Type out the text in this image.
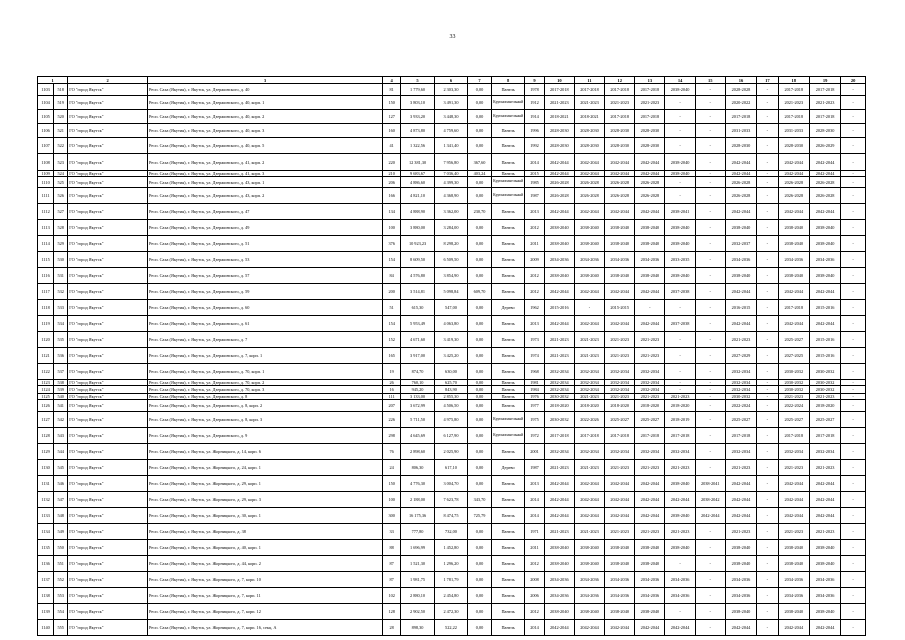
33
1		2	3	4	5	6	7	8	9	10	11	12	13	14	15	16	17	18	19	20
1103	518	ГО "город Якутск"	Респ. Саха (Якутия), г. Якутск, ул. Дзержинского, д. 40	81	1 779,60	2 303,30	0,00	Панель	1978	2017-2018	2017-2018	2017-2018	2017-2018	2038-2040	-	2028-2028	-	2017-2018	2017-2018	-
1104	519	ГО "город Якутск"	Респ. Саха (Якутия), г. Якутск, ул. Дзержинского, д. 40, корп. 1	150	3 803,10	3 491,30	0,00	Крупнопанельный	1912	2021-2023	2021-2023	2021-2023	2021-2023	-	-	2020-2022	-	2021-2023	2021-2023	-
1105	520	ГО "город Якутск"	Респ. Саха (Якутия), г. Якутск, ул. Дзержинского, д. 40, корп. 2	127	3 933,20	3 448,30	0,00	Крупнопанельный	1914	2018-2021	2018-2021	2017-2018	2017-2018	-	-	2017-2018	-	2017-2018	2017-2018	-
1106	521	ГО "город Якутск"	Респ. Саха (Якутия), г. Якутск, ул. Дзержинского, д. 40, корп. 3	160	4 873,80	4 759,60	0,00	Панель	1996	2028-2030	2028-2030	2028-2030	2028-2030	-	-	2031-2033	-	2031-2033	2028-2030	-
1107	522	ГО "город Якутск"	Респ. Саха (Якутия), г. Якутск, ул. Дзержинского, д. 40, корп. 5	41	1 322,56	1 341,40	0,00	Панель	1992	2028-2030	2028-2030	2028-2030	2028-2030	-	-	2028-2030	-	2028-2030	2026-2029	-
1108	523	ГО "город Якутск"	Респ. Саха (Якутия), г. Якутск, ул. Дзержинского, д. 41, корп. 2	220	12 381,30	7 956,80	367,60	Панель	2014	2042-2044	2042-2044	2042-2044	2042-2044	2038-2040	-	2042-2044	-	2042-2044	2042-2044	-
1109	524	ГО "город Якутск"	Респ. Саха (Якутия), г. Якутск, ул. Дзержинского, д. 41, корп. 3	210	9 683,67	7 036,40	403,24	Панель	2015	2042-2044	2042-2044	2042-2044	2042-2044	2038-2040	-	2042-2044	-	2042-2044	2042-2044	-
1110	525	ГО "город Якутск"	Респ. Саха (Якутия), г. Якутск, ул. Дзержинского, д. 43, корп. 1	206	4 886,60	4 399,30	0,00	Крупнопанельный	1985	2026-2028	2026-2028	2026-2028	2026-2028	-	-	2026-2028	-	2026-2028	2026-2028	-
1111	526	ГО "город Якутск"	Респ. Саха (Якутия), г. Якутск, ул. Дзержинского, д. 43, корп. 2	166	4 821,10	4 368,90	0,00	Крупнопанельный	1987	2026-2028	2026-2028	2026-2028	2026-2028	-	-	2026-2028	-	2026-2028	2026-2028	-
1112	527	ГО "город Якутск"	Респ. Саха (Якутия), г. Якутск, ул. Дзержинского, д. 47	134	4 888,90	3 362,00	230,70	Панель	2013	2042-2044	2042-2044	2042-2044	2042-2044	2038-2041	-	2042-2044	-	2042-2044	2042-2044	-
1113	528	ГО "город Якутск"	Респ. Саха (Якутия), г. Якутск, ул. Дзержинского, д. 49	100	3 880,00	3 284,00	0,00	Панель	2012	2038-2040	2038-2040	2038-2040	2038-2040	2038-2040	-	2038-2040	-	2038-2040	2038-2040	-
1114	529	ГО "город Якутск"	Респ. Саха (Якутия), г. Якутск, ул. Дзержинского, д. 51	376	10 923,23	8 298,20	0,00	Панель	2011	2038-2040	2038-2040	2038-2040	2038-2040	2038-2040	-	2032-2037	-	2038-2040	2038-2040	-
1115	530	ГО "город Якутск"	Респ. Саха (Якутия), г. Якутск, ул. Дзержинского, д. 53	154	8 609,50	6 509,50	0,00	Панель	2009	2034-2036	2034-2036	2034-2036	2034-2036	2033-2035	-	2034-2036	-	2034-2036	2034-2036	-
1116	531	ГО "город Якутск"	Респ. Саха (Якутия), г. Якутск, ул. Дзержинского, д. 57	84	4 576,80	3 854,90	0,00	Панель	2012	2038-2040	2038-2040	2038-2040	2038-2040	2038-2040	-	2038-2040	-	2038-2040	2038-2040	-
1117	532	ГО "город Якутск"	Респ. Саха (Якутия), г. Якутск, ул. Дзержинского, д. 59	200	3 514,81	5 098,84	609,70	Панель	2012	2042-2044	2042-2044	2042-2044	2042-2044	2037-2038	-	2042-2044	-	2042-2044	2042-2044	-
1118	533	ГО "город Якутск"	Респ. Саха (Якутия), г. Якутск, ул. Дзержинского, д. 60	51	615,30	547,00	0,00	Дерево	1962	2015-2016	-	2015-2015	-	-	-	2016-2015	-	2017-2018	2015-2016	-
1119	534	ГО "город Якутск"	Респ. Саха (Якутия), г. Якутск, ул. Дзержинского, д. 61	154	5 953,49	4 063,80	0,00	Панель	2013	2042-2044	2042-2044	2042-2044	2042-2044	2037-2038	-	2042-2044	-	2042-2044	2042-2044	-
1120	535	ГО "город Якутск"	Респ. Саха (Якутия), г. Якутск, ул. Дзержинского, д. 7	152	4 671,60	3 419,30	0,00	Панель	1973	2021-2023	2021-2023	2021-2023	2021-2023	-	-	2021-2023	-	2025-2027	2015-2016	-
1121	536	ГО "город Якутск"	Респ. Саха (Якутия), г. Якутск, ул. Дзержинского, д. 7, корп. 1	165	3 917,00	3 425,20	0,00	Панель	1974	2021-2023	2021-2023	2021-2023	2021-2023	-	-	2027-2029	-	2027-2025	2015-2016	-
1122	537	ГО "город Якутск"	Респ. Саха (Якутия), г. Якутск, ул. Дзержинского, д. 70, корп. 1	19	874,70	630,00	0,00	Панель	1968	2032-2034	2032-2034	2032-2034	2032-2034	-	-	2032-2034	-	2030-2032	2030-2032	-
1123	538	ГО "город Якутск"	Респ. Саха (Якутия), г. Якутск, ул. Дзержинского, д. 70, корп. 2	26	760,10	625,70	0,00	Панель	1981	2032-2034	2032-2034	2032-2034	2032-2034	-	-	2032-2034	-	2030-2032	2030-2032	-
1124	539	ГО "город Якутск"	Респ. Саха (Якутия), г. Якутск, ул. Дзержинского, д. 70, корп. 3	16	945,20	843,90	0,00	Панель	1984	2032-2034	2032-2034	2032-2034	2032-2034	-	-	2032-2034	-	2030-2032	2030-2032	-
1125	540	ГО "город Якутск"	Респ. Саха (Якутия), г. Якутск, ул. Дзержинского, д. 8	111	3 133,00	2 855,30	0,00	Панель	1976	2030-2032	2021-2023	2021-2023	2021-2023	2021-2023	-	2030-2032	-	2021-2023	2021-2023	-
1126	541	ГО "город Якутск"	Респ. Саха (Якутия), г. Якутск, ул. Дзержинского, д. 8, корп. 2	207	3 672,99	4 506,50	0,00	Панель	1977	2018-2020	2018-2020	2018-2020	2018-2020	2018-2020	-	2022-2024	-	2022-2024	2018-2020	-
1127	542	ГО "город Якутск"	Респ. Саха (Якутия), г. Якутск, ул. Дзержинского, д. 8, корп. 3	226	5 711,50	4 975,80	0,00	Крупнопанельный	1975	2030-2032	2022-2026	2025-2027	2025-2027	2018-2019	-	2025-2027	-	2025-2027	2025-2027	-
1128	543	ГО "город Якутск"	Респ. Саха (Якутия), г. Якутск, ул. Дзержинского, д. 9	298	4 645,69	6 127,90	0,00	Крупнопанельный	1972	2017-2018	2017-2018	2017-2018	2017-2018	2017-2018	-	2017-2018	-	2017-2018	2017-2018	-
1129	544	ГО "город Якутск"	Респ. Саха (Якутия), г. Якутск, ул. Жорницкого, д. 14, корп. 6	76	2 898,60	2 025,90	0,00	Панель	2001	2032-2034	2032-2034	2032-2034	2032-2034	2032-2034	-	2032-2034	-	2032-2034	2032-2034	-
1130	545	ГО "город Якутск"	Респ. Саха (Якутия), г. Якутск, ул. Жорницкого, д. 24, корп. 1	24	806,30	617,10	0,00	Дерево	1987	2021-2023	2021-2023	2021-2023	2021-2023	2021-2023	-	2021-2023	-	2021-2023	2021-2023	-
1131	546	ГО "город Якутск"	Респ. Саха (Якутия), г. Якутск, ул. Жорницкого, д. 29, корп. 1	150	4 776,30	3 004,70	0,00	Панель	2013	2042-2044	2042-2044	2042-2044	2042-2044	2038-2040	2038-2041	2042-2044	-	2042-2044	2042-2044	-
1132	547	ГО "город Якутск"	Респ. Саха (Якутия), г. Якутск, ул. Жорницкого, д. 29, корп. 3	100	2 188,00	7 623,78	343,70	Панель	2014	2042-2044	2042-2044	2042-2044	2042-2044	2042-2044	2038-2042	2042-2044	-	2042-2044	2042-2044	-
1133	548	ГО "город Якутск"	Респ. Саха (Якутия), г. Якутск, ул. Жорницкого, д. 30, корп. 1	300	16 175,36	8 474,75	725,79	Панель	2014	2042-2044	2042-2044	2042-2044	2042-2044	2038-2040	2042-2044	2042-2044	-	2042-2044	2042-2044	-
1134	549	ГО "город Якутск"	Респ. Саха (Якутия), г. Якутск, ул. Жорницкого, д. 38	33	777,80	732,00	0,00	Панель	1971	2021-2023	2021-2023	2021-2023	2021-2023	2021-2023	-	2021-2023	-	2021-2023	2021-2023	-
1135	550	ГО "город Якутск"	Респ. Саха (Якутия), г. Якутск, ул. Жорницкого, д. 40, корп. 1	88	1 696,99	1 452,80	0,00	Панель	2011	2038-2040	2038-2040	2038-2040	2038-2040	2038-2040	-	2038-2040	-	2038-2040	2038-2040	-
1136	551	ГО "город Якутск"	Респ. Саха (Якутия), г. Якутск, ул. Жорницкого, д. 44, корп. 2	87	1 521,30	1 296,20	0,00	Панель	2012	2038-2040	2038-2040	2038-2040	2038-2040	-	-	2038-2040	-	2038-2040	2038-2040	-
1137	552	ГО "город Якутск"	Респ. Саха (Якутия), г. Якутск, ул. Жорницкого, д. 7, корп. 10	87	1 981,75	1 781,79	0,00	Панель	2008	2034-2036	2034-2036	2034-2036	2034-2036	2034-2036	-	2034-2036	-	2034-2036	2034-2036	-
1138	553	ГО "город Якутск"	Респ. Саха (Якутия), г. Якутск, ул. Жорницкого, д. 7, корп. 11	102	2 880,10	2 454,80	0,00	Панель	2006	2034-2036	2034-2036	2034-2036	2034-2036	2034-2036	-	2034-2036	-	2034-2036	2034-2036	-
1139	554	ГО "город Якутск"	Респ. Саха (Якутия), г. Якутск, ул. Жорницкого, д. 7, корп. 12	128	2 902,50	2 472,30	0,00	Панель	2012	2038-2040	2038-2040	2038-2040	2038-2040	-	-	2038-2040	-	2038-2040	2038-2040	-
1140	555	ГО "город Якутск"	Респ. Саха (Якутия), г. Якутск, ул. Жорницкого, д. 7, корп. 16, секц. А	28	898,30	522,22	0,00	Панель	2014	2042-2044	2042-2044	2042-2044	2042-2044	2042-2044	-	2042-2044	-	2042-2044	2042-2044	-
